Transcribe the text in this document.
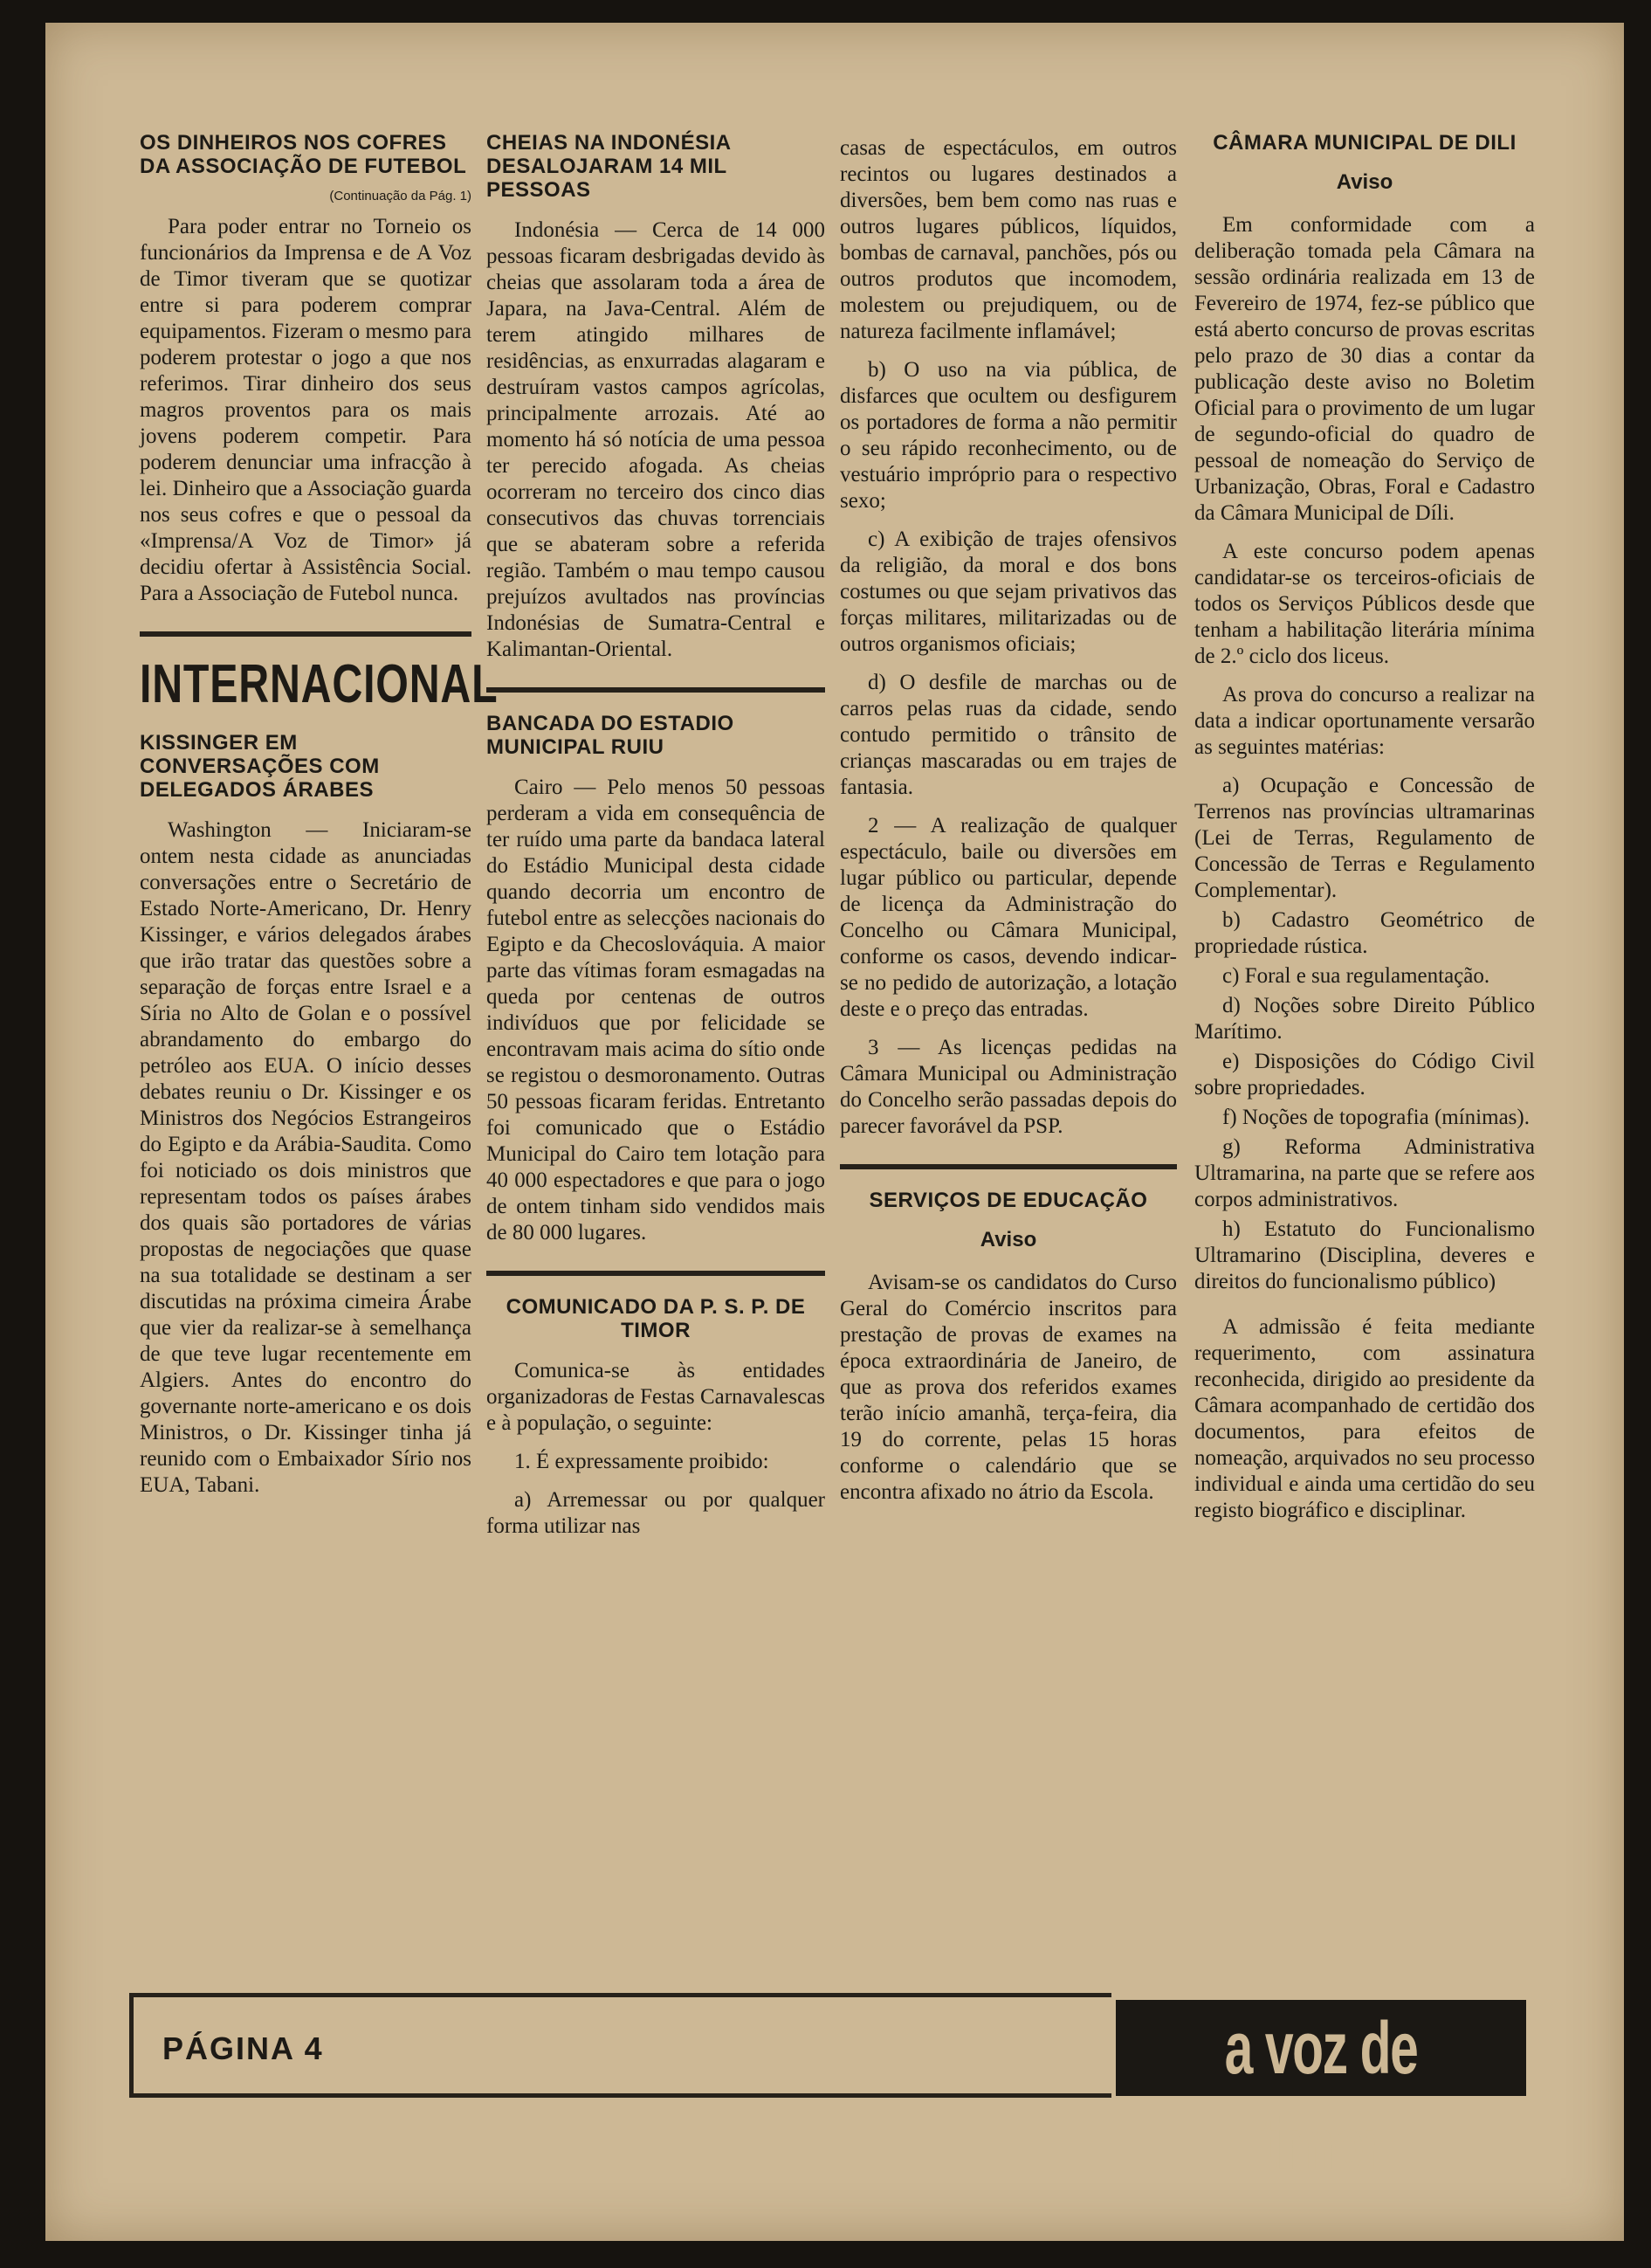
OS DINHEIROS NOS COFRES DA ASSOCIAÇÃO DE FUTEBOL
(Continuação da Pág. 1)

Para poder entrar no Torneio os funcionários da Imprensa e de A Voz de Timor tiveram que se quotizar entre si para poderem comprar equipamentos. Fizeram o mesmo para poderem protestar o jogo a que nos referimos. Tirar dinheiro dos seus magros proventos para os mais jovens poderem competir. Para poderem denunciar uma infracção à lei. Dinheiro que a Associação guarda nos seus cofres e que o pessoal da «Imprensa/A Voz de Timor» já decidiu ofertar à Assistência Social. Para a Associação de Futebol nunca.

INTERNACIONAL
KISSINGER EM CONVERSAÇÕES COM DELEGADOS ÁRABES

Washington — Iniciaram-se ontem nesta cidade as anunciadas conversações entre o Secretário de Estado Norte-Americano, Dr. Henry Kissinger, e vários delegados árabes que irão tratar das questões sobre a separação de forças entre Israel e a Síria no Alto de Golan e o possível abrandamento do embargo do petróleo aos EUA. O início desses debates reuniu o Dr. Kissinger e os Ministros dos Negócios Estrangeiros do Egipto e da Arábia-Saudita. Como foi noticiado os dois ministros que representam todos os países árabes dos quais são portadores de várias propostas de negociações que quase na sua totalidade se destinam a ser discutidas na próxima cimeira Árabe que vier da realizar-se à semelhança de que teve lugar recentemente em Algiers. Antes do encontro do governante norte-americano e os dois Ministros, o Dr. Kissinger tinha já reunido com o Embaixador Sírio nos EUA, Tabani.

CHEIAS NA INDONÉSIA DESALOJARAM 14 MIL PESSOAS

Indonésia — Cerca de 14 000 pessoas ficaram desbrigadas devido às cheias que assolaram toda a área de Japara, na Java-Central. Além de terem atingido milhares de residências, as enxurradas alagaram e destruíram vastos campos agrícolas, principalmente arrozais. Até ao momento há só notícia de uma pessoa ter perecido afogada. As cheias ocorreram no terceiro dos cinco dias consecutivos das chuvas torrenciais que se abateram sobre a referida região. Também o mau tempo causou prejuízos avultados nas províncias Indonésias de Sumatra-Central e Kalimantan-Oriental.

BANCADA DO ESTADIO MUNICIPAL RUIU

Cairo — Pelo menos 50 pessoas perderam a vida em consequência de ter ruído uma parte da bandaca lateral do Estádio Municipal desta cidade quando decorria um encontro de futebol entre as selecções nacionais do Egipto e da Checoslováquia. A maior parte das vítimas foram esmagadas na queda por centenas de outros indivíduos que por felicidade se encontravam mais acima do sítio onde se registou o desmoronamento. Outras 50 pessoas ficaram feridas. Entretanto foi comunicado que o Estádio Municipal do Cairo tem lotação para 40 000 espectadores e que para o jogo de ontem tinham sido vendidos mais de 80 000 lugares.

COMUNICADO DA P. S. P. DE TIMOR

Comunica-se às entidades organizadoras de Festas Carnavalescas e à população, o seguinte:

1. É expressamente proibido:

a) Arremessar ou por qualquer forma utilizar nas

casas de espectáculos, em outros recintos ou lugares destinados a diversões, bem bem como nas ruas e outros lugares públicos, líquidos, bombas de carnaval, panchões, pós ou outros produtos que incomodem, molestem ou prejudiquem, ou de natureza facilmente inflamável;

b) O uso na via pública, de disfarces que ocultem ou desfigurem os portadores de forma a não permitir o seu rápido reconhecimento, ou de vestuário impróprio para o respectivo sexo;

c) A exibição de trajes ofensivos da religião, da moral e dos bons costumes ou que sejam privativos das forças militares, militarizadas ou de outros organismos oficiais;

d) O desfile de marchas ou de carros pelas ruas da cidade, sendo contudo permitido o trânsito de crianças mascaradas ou em trajes de fantasia.

2 — A realização de qualquer espectáculo, baile ou diversões em lugar público ou particular, depende de licença da Administração do Concelho ou Câmara Municipal, conforme os casos, devendo indicar-se no pedido de autorização, a lotação deste e o preço das entradas.

3 — As licenças pedidas na Câmara Municipal ou Administração do Concelho serão passadas depois do parecer favorável da PSP.

SERVIÇOS DE EDUCAÇÃO
Aviso

Avisam-se os candidatos do Curso Geral do Comércio inscritos para prestação de provas de exames na época extraordinária de Janeiro, de que as prova dos referidos exames terão início amanhã, terça-feira, dia 19 do corrente, pelas 15 horas conforme o calendário que se encontra afixado no átrio da Escola.

CÂMARA MUNICIPAL DE DILI
Aviso

Em conformidade com a deliberação tomada pela Câmara na sessão ordinária realizada em 13 de Fevereiro de 1974, fez-se público que está aberto concurso de provas escritas pelo prazo de 30 dias a contar da publicação deste aviso no Boletim Oficial para o provimento de um lugar de segundo-oficial do quadro de pessoal de nomeação do Serviço de Urbanização, Obras, Foral e Cadastro da Câmara Municipal de Díli.

A este concurso podem apenas candidatar-se os terceiros-oficiais de todos os Serviços Públicos desde que tenham a habilitação literária mínima de 2.º ciclo dos liceus.

As prova do concurso a realizar na data a indicar oportunamente versarão as seguintes matérias:

a) Ocupação e Concessão de Terrenos nas províncias ultramarinas (Lei de Terras, Regulamento de Concessão de Terras e Regulamento Complementar).

b) Cadastro Geométrico de propriedade rústica.

c) Foral e sua regulamentação.

d) Noções sobre Direito Público Marítimo.

e) Disposições do Código Civil sobre propriedades.

f) Noções de topografia (mínimas).

g) Reforma Administrativa Ultramarina, na parte que se refere aos corpos administrativos.

h) Estatuto do Funcionalismo Ultramarino (Disciplina, deveres e direitos do funcionalismo público)

A admissão é feita mediante requerimento, com assinatura reconhecida, dirigido ao presidente da Câmara acompanhado de certidão dos documentos, para efeitos de nomeação, arquivados no seu processo individual e ainda uma certidão do seu registo biográfico e disciplinar.

PÁGINA 4	a voz de timor
